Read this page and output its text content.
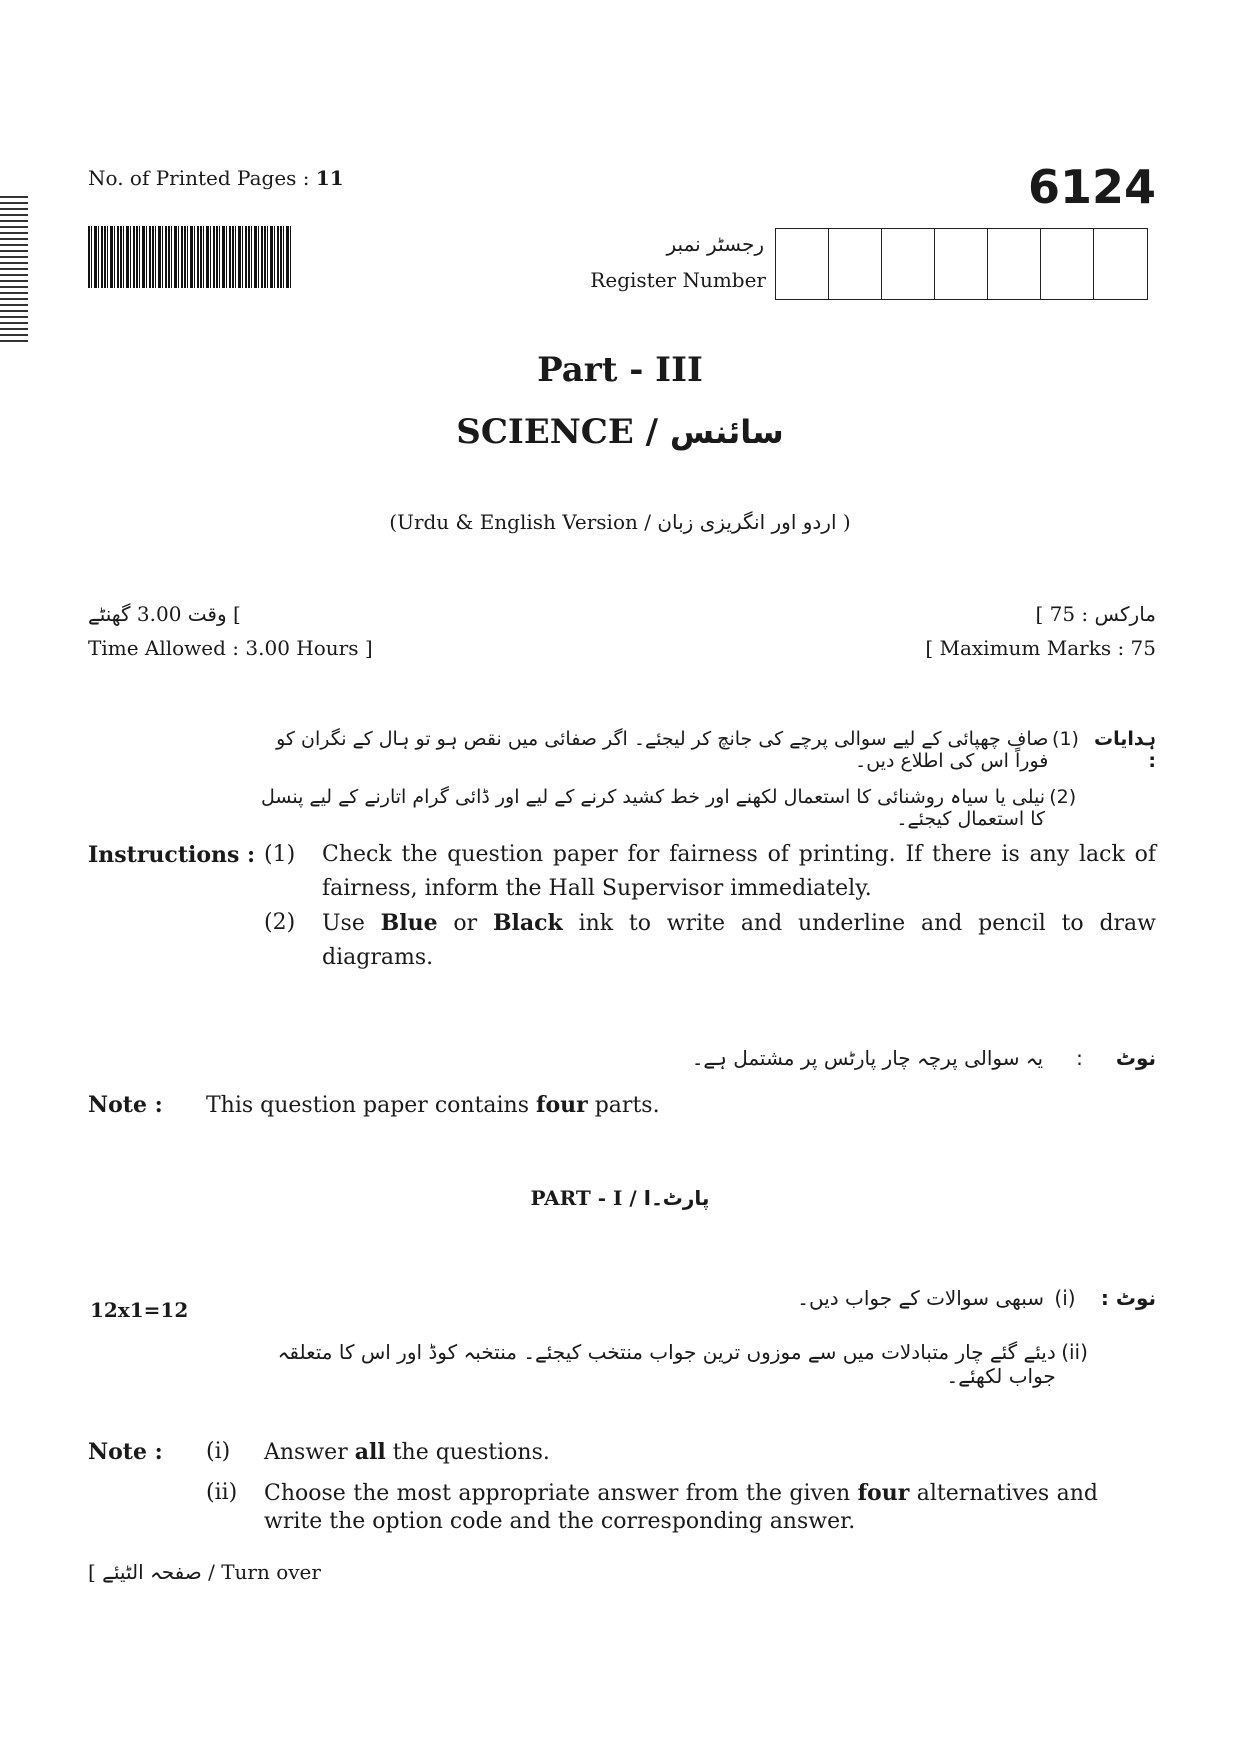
No. of Printed Pages : 11	6124
رجسٹر نمبر
Register Number
Part - III
SCIENCE / سائنس
(Urdu & English Version / اردو اور انگریزی زبان )
گھنٹے 3.00 وقت [
Time Allowed : 3.00 Hours ]
[ 75 : مارکس
[ Maximum Marks : 75
ہدایات :
(1)
صاف چھپائی کے لیے سوالی پرچے کی جانچ کر لیجئے۔ اگر صفائی میں نقص ہو تو ہال کے نگران کو فوراً اس کی اطلاع دیں۔
(2)
نیلی یا سیاہ روشنائی کا استعمال لکھنے اور خط کشید کرنے کے لیے اور ڈائی گرام اتارنے کے لیے پنسل کا استعمال کیجئے۔
Instructions : (1)	Check the question paper for fairness of printing. If there is any lack of fairness, inform the Hall Supervisor immediately.
(2)	Use Blue or Black ink to write and underline and pencil to draw diagrams.
نوٹ : یہ سوالی پرچہ چار پارٹس پر مشتمل ہے۔
Note :	This question paper contains four parts.
PART - I / پارٹ۔I
12x1=12	نوٹ :
(i)
سبھی سوالات کے جواب دیں۔
(ii)
دیئے گئے چار متبادلات میں سے موزوں ترین جواب منتخب کیجئے۔ منتخبہ کوڈ اور اس کا متعلقہ جواب لکھئے۔
Note :	(i)	Answer all the questions.
(ii)	Choose the most appropriate answer from the given four alternatives and write the option code and the corresponding answer.
[ صفحہ الٹیئے / Turn over
